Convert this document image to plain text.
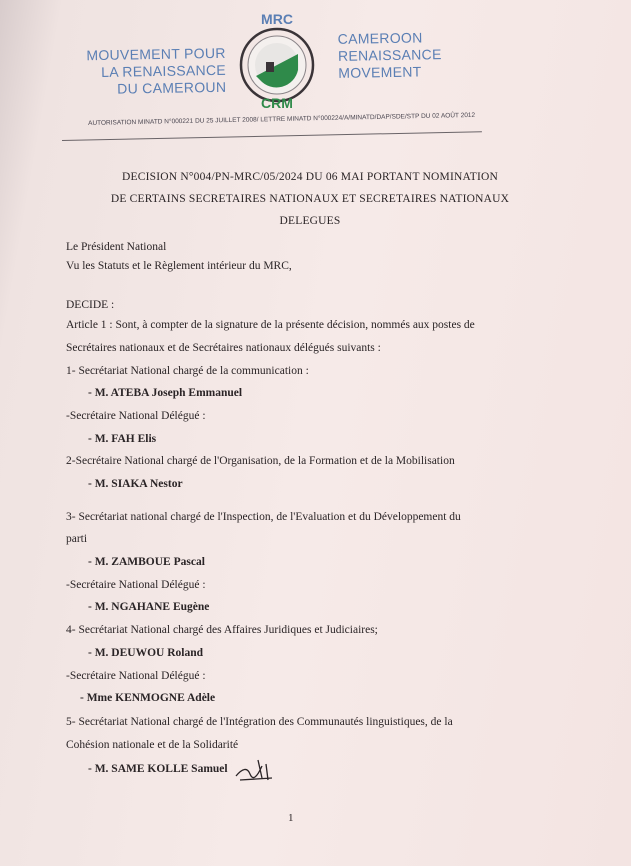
MOUVEMENT POUR
LA RENAISSANCE
DU CAMEROUN
MRC
CRM
CAMEROON
RENAISSANCE
MOVEMENT
AUTORISATION MINATD N°000221 DU 25 JUILLET 2008/ LETTRE MINATD N°000224/A/MINATD/DAP/SDE/STP DU 02 AOÛT 2012
DECISION N°004/PN-MRC/05/2024 DU 06 MAI PORTANT NOMINATION
DE CERTAINS SECRETAIRES NATIONAUX ET SECRETAIRES NATIONAUX
DELEGUES
Le Président National
Vu les Statuts et le Règlement intérieur du MRC,
DECIDE :
Article 1 : Sont, à compter de la signature de la présente décision, nommés aux postes de
Secrétaires nationaux et de Secrétaires nationaux délégués suivants :
1- Secrétariat National chargé de la communication :
- M. ATEBA Joseph Emmanuel
-Secrétaire National Délégué :
- M. FAH Elis
2-Secrétaire National chargé de l'Organisation, de la Formation et de la Mobilisation
- M. SIAKA Nestor
3- Secrétariat national chargé de l'Inspection, de l'Evaluation et du Développement du
parti
- M. ZAMBOUE Pascal
-Secrétaire National Délégué :
- M. NGAHANE Eugène
4- Secrétariat National chargé des Affaires Juridiques et Judiciaires;
- M. DEUWOU Roland
-Secrétaire National Délégué :
- Mme KENMOGNE Adèle
5- Secrétariat National chargé de l'Intégration des Communautés linguistiques, de la
Cohésion nationale et de la Solidarité
- M. SAME KOLLE Samuel
1
